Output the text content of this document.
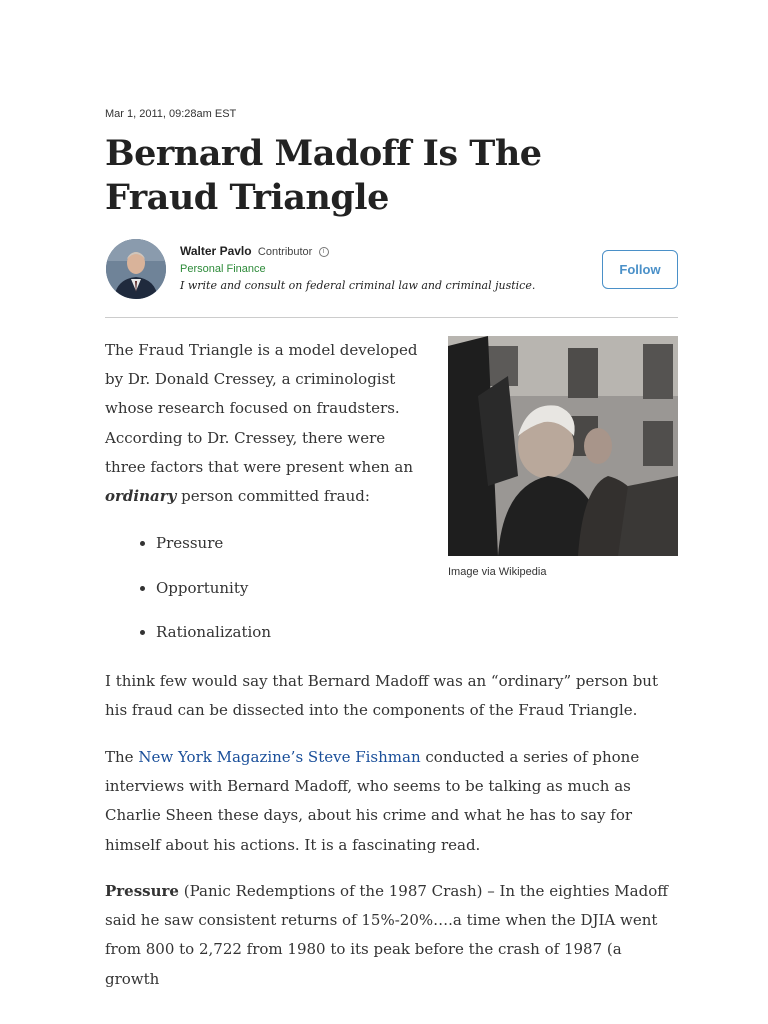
Mar 1, 2011, 09:28am EST
Bernard Madoff Is The Fraud Triangle
Walter Pavlo Contributor i
Personal Finance
I write and consult on federal criminal law and criminal justice.
Follow

The Fraud Triangle is a model developed by Dr. Donald Cressey, a criminologist whose research focused on fraudsters. According to Dr. Cressey, there were three factors that were present when an ordinary person committed fraud:

Pressure
Opportunity
Rationalization
Image via Wikipedia

I think few would say that Bernard Madoff was an “ordinary” person but his fraud can be dissected into the components of the Fraud Triangle.

The New York Magazine’s Steve Fishman conducted a series of phone interviews with Bernard Madoff, who seems to be talking as much as Charlie Sheen these days, about his crime and what he has to say for himself about his actions. It is a fascinating read.

Pressure (Panic Redemptions of the 1987 Crash) – In the eighties Madoff said he saw consistent returns of 15%-20%….a time when the DJIA went from 800 to 2,722 from 1980 to its peak before the crash of 1987 (a growth
